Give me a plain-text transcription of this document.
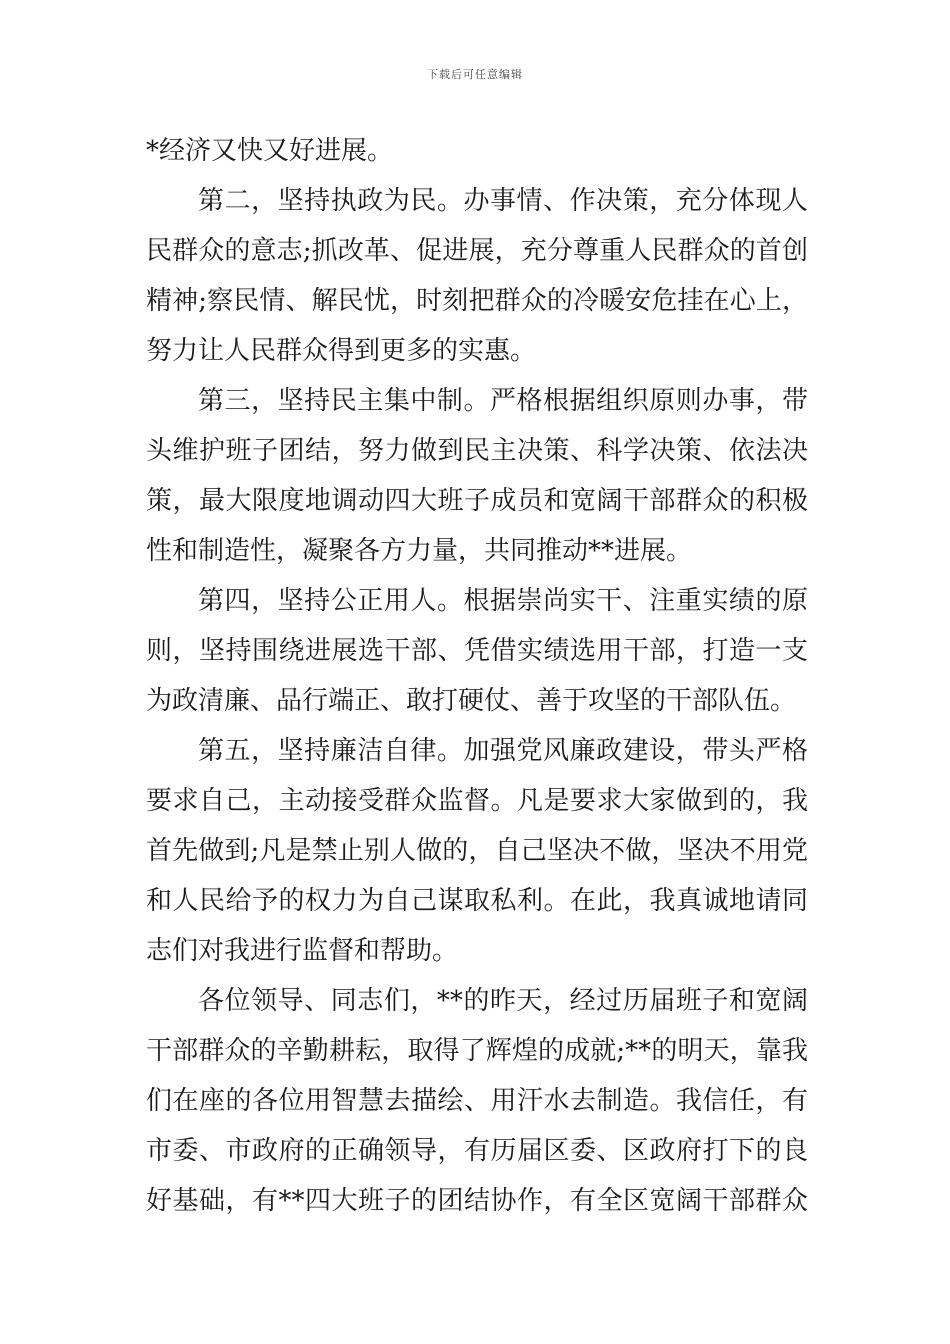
下载后可任意编辑
*经济又快又好进展。
第二，坚持执政为民。办事情、作决策，充分体现人
民群众的意志;抓改革、促进展，充分尊重人民群众的首创
精神;察民情、解民忧，时刻把群众的冷暖安危挂在心上，
努力让人民群众得到更多的实惠。
第三，坚持民主集中制。严格根据组织原则办事，带
头维护班子团结，努力做到民主决策、科学决策、依法决
策，最大限度地调动四大班子成员和宽阔干部群众的积极
性和制造性，凝聚各方力量，共同推动**进展。
第四，坚持公正用人。根据崇尚实干、注重实绩的原
则，坚持围绕进展选干部、凭借实绩选用干部，打造一支
为政清廉、品行端正、敢打硬仗、善于攻坚的干部队伍。
第五，坚持廉洁自律。加强党风廉政建设，带头严格
要求自己，主动接受群众监督。凡是要求大家做到的，我
首先做到;凡是禁止别人做的，自己坚决不做，坚决不用党
和人民给予的权力为自己谋取私利。在此，我真诚地请同
志们对我进行监督和帮助。
各位领导、同志们，**的昨天，经过历届班子和宽阔
干部群众的辛勤耕耘，取得了辉煌的成就;**的明天，靠我
们在座的各位用智慧去描绘、用汗水去制造。我信任，有
市委、市政府的正确领导，有历届区委、区政府打下的良
好基础，有**四大班子的团结协作，有全区宽阔干部群众
